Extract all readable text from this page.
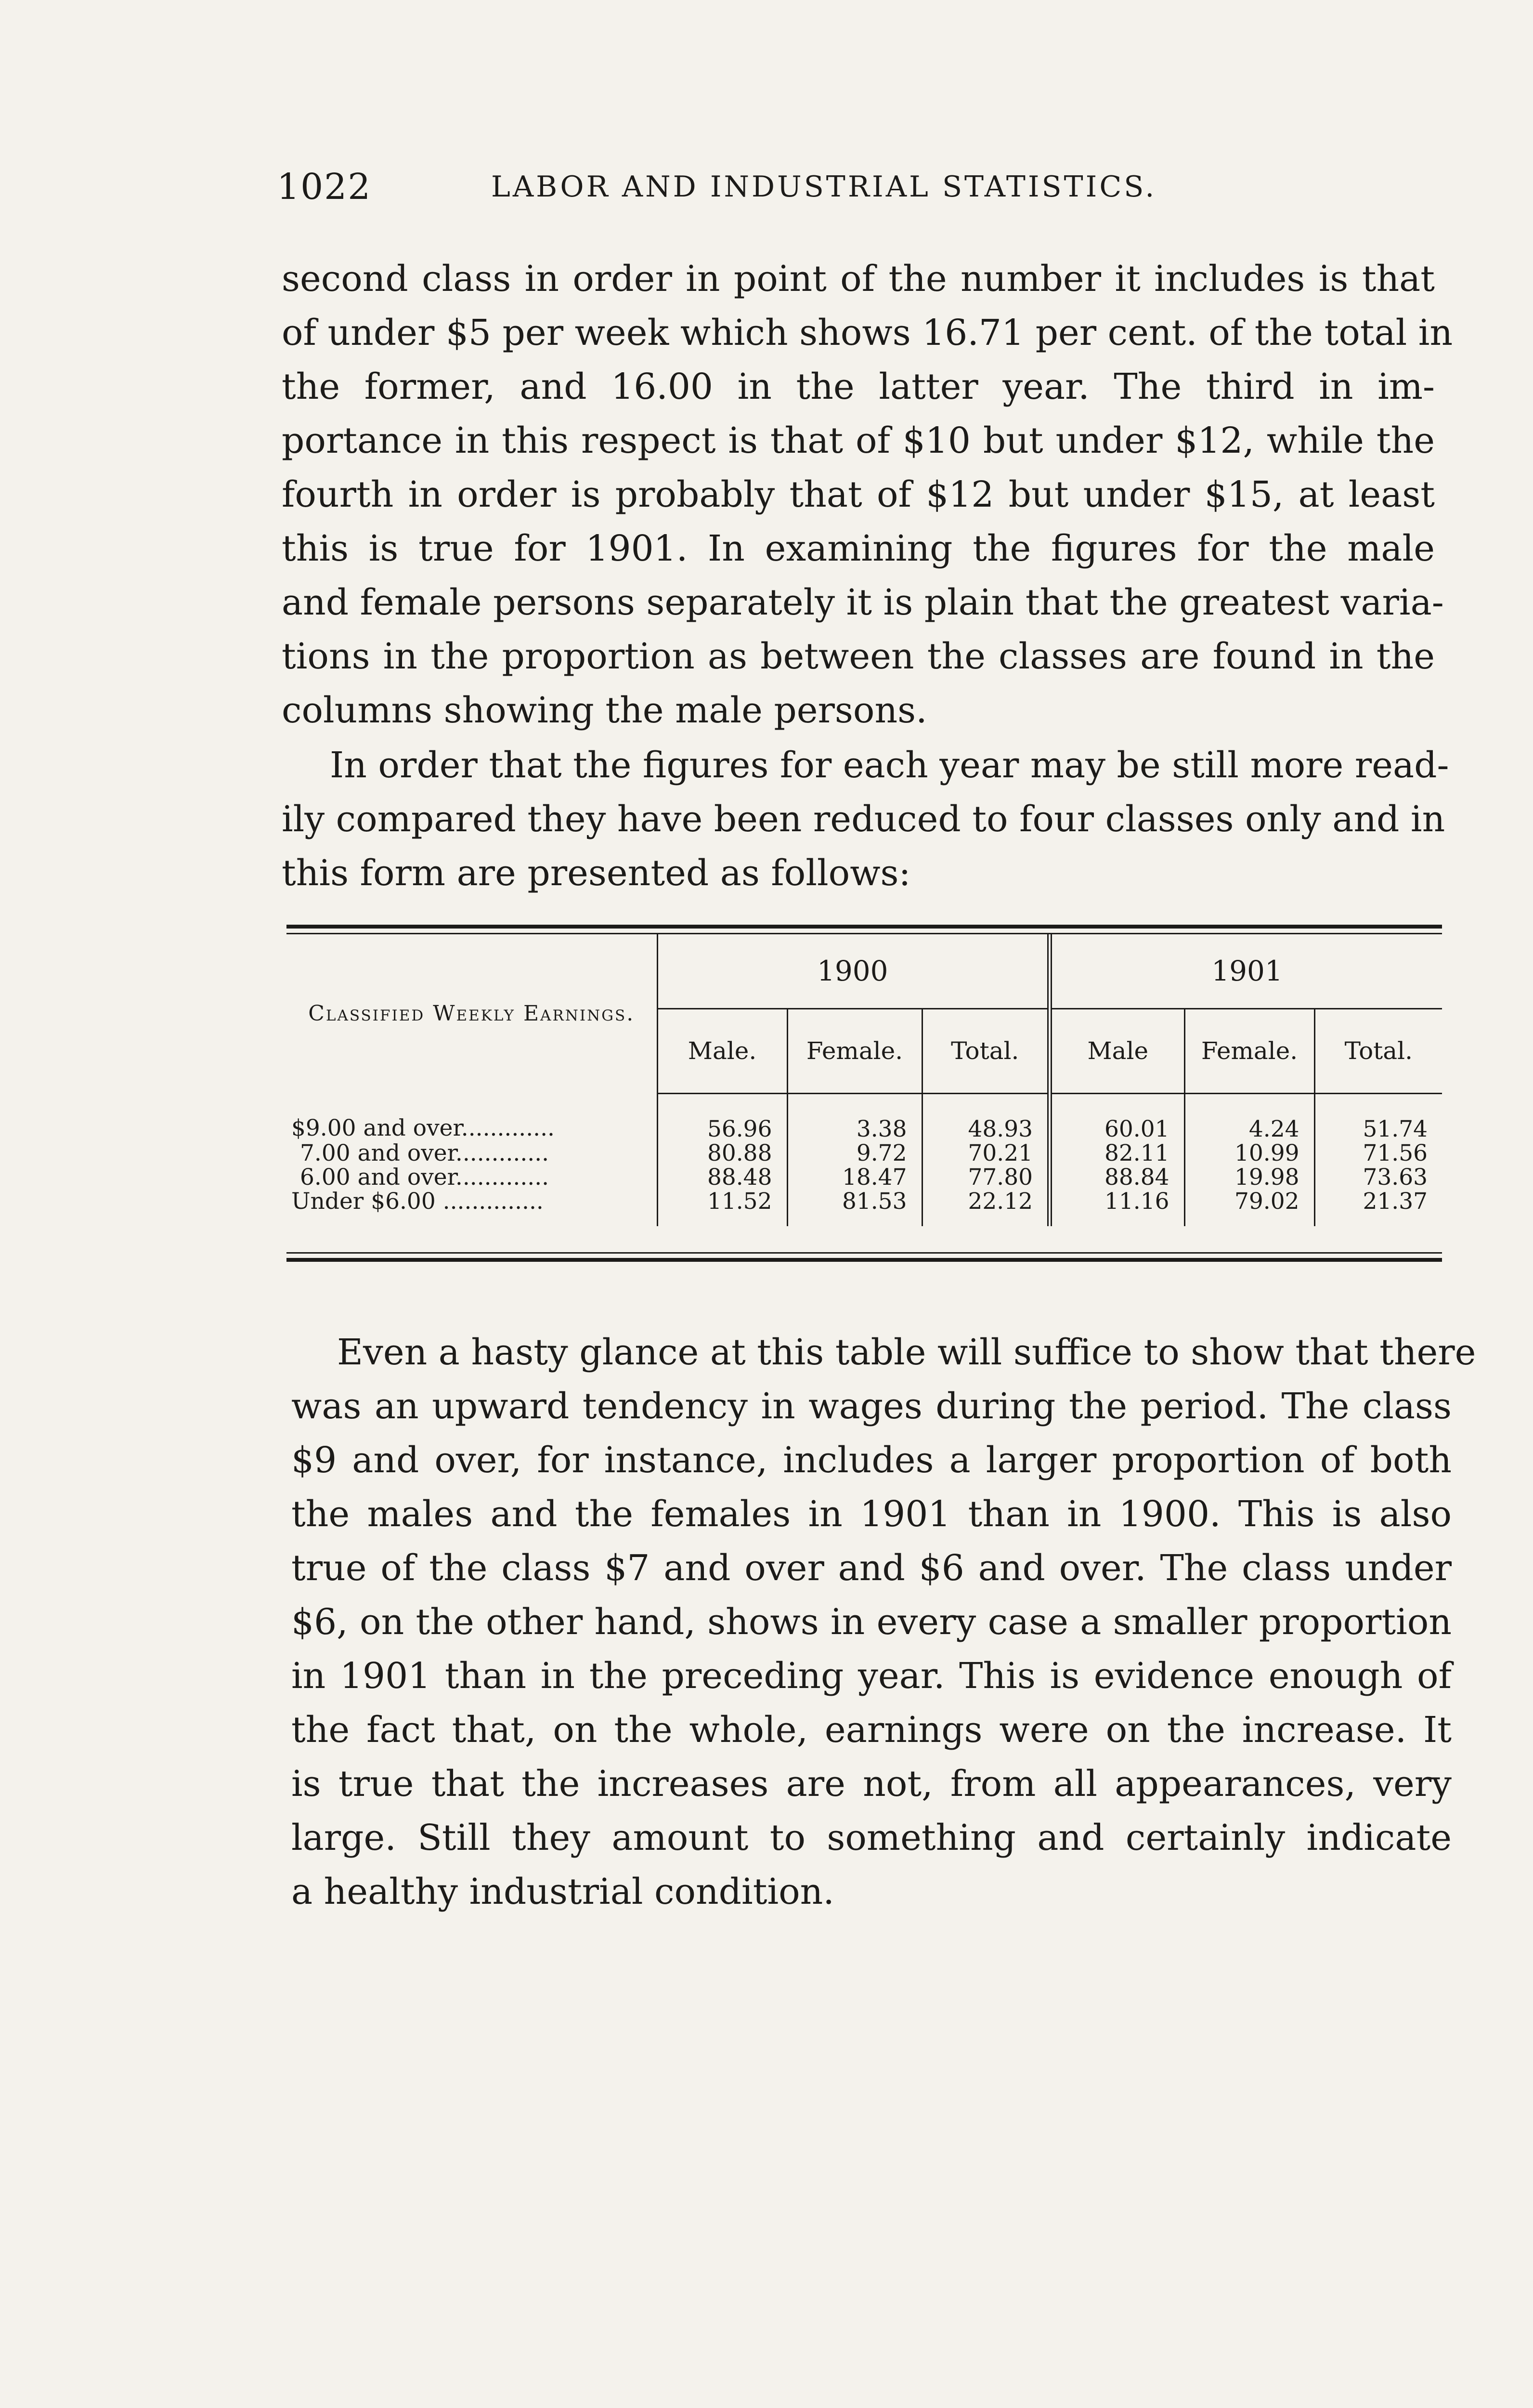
1022	LABOR AND INDUSTRIAL STATISTICS.
second class in order in point of the number it includes is that
of under $5 per week which shows 16.71 per cent. of the total in
the former, and 16.00 in the latter year. The third in im-
portance in this respect is that of $10 but under $12, while the
fourth in order is probably that of $12 but under $15, at least
this is true for 1901. In examining the figures for the male
and female persons separately it is plain that the greatest varia-
tions in the proportion as between the classes are found in the
columns showing the male persons.
In order that the figures for each year may be still more read-
ily compared they have been reduced to four classes only and in
this form are presented as follows:
Classified Weekly Earnings.	1900			1901		
	Male.	Female.	Total.	Male	Female.	Total.
$9.00 and over.............	56.96	3.38	48.93	60.01	4.24	51.74
7.00 and over.............	80.88	9.72	70.21	82.11	10.99	71.56
6.00 and over.............	88.48	18.47	77.80	88.84	19.98	73.63
Under $6.00 ..............	11.52	81.53	22.12	11.16	79.02	21.37
Even a hasty glance at this table will suffice to show that there
was an upward tendency in wages during the period. The class
$9 and over, for instance, includes a larger proportion of both
the males and the females in 1901 than in 1900. This is also
true of the class $7 and over and $6 and over. The class under
$6, on the other hand, shows in every case a smaller proportion
in 1901 than in the preceding year. This is evidence enough of
the fact that, on the whole, earnings were on the increase. It
is true that the increases are not, from all appearances, very
large. Still they amount to something and certainly indicate
a healthy industrial condition.
